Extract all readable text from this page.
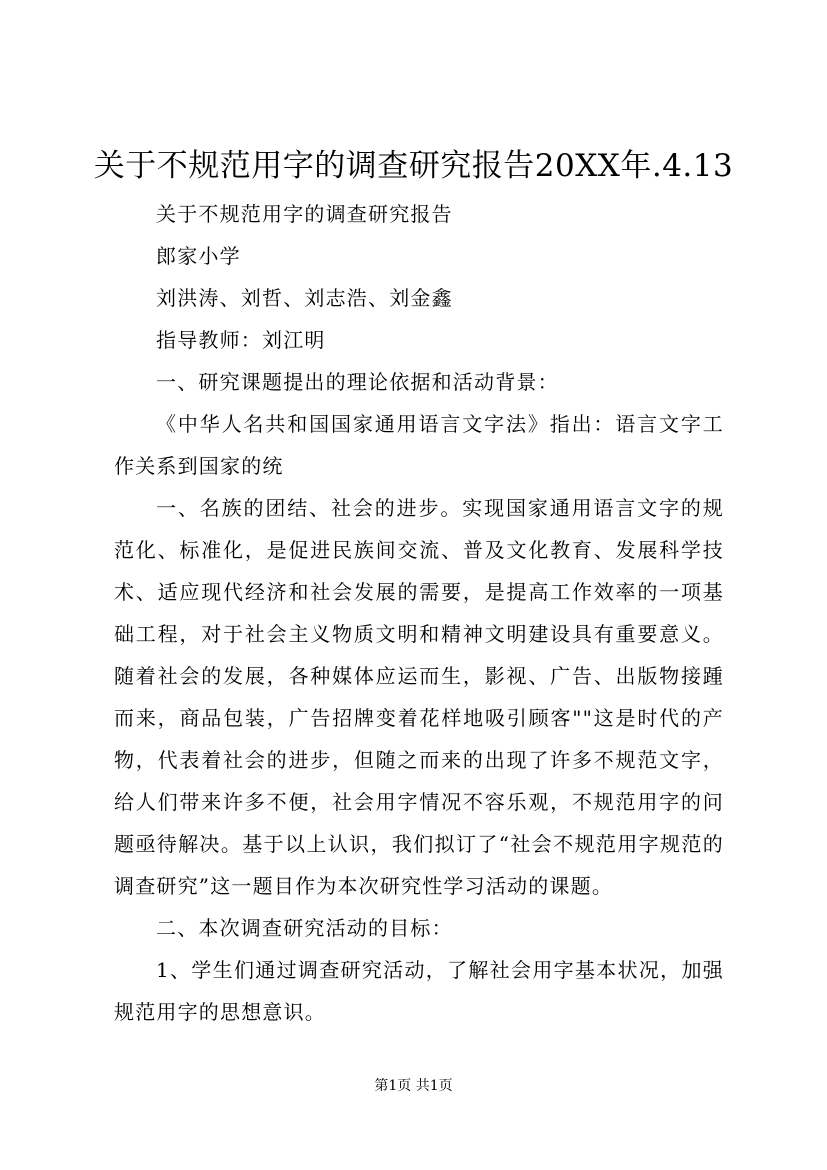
关于不规范用字的调查研究报告20XX年.4.13

关于不规范用字的调查研究报告

郎家小学

刘洪涛、刘哲、刘志浩、刘金鑫

指导教师：刘江明

一、研究课题提出的理论依据和活动背景：

《中华人名共和国国家通用语言文字法》指出：语言文字工作关系到国家的统

一、名族的团结、社会的进步。实现国家通用语言文字的规范化、标准化，是促进民族间交流、普及文化教育、发展科学技术、适应现代经济和社会发展的需要，是提高工作效率的一项基础工程，对于社会主义物质文明和精神文明建设具有重要意义。随着社会的发展，各种媒体应运而生，影视、广告、出版物接踵而来，商品包装，广告招牌变着花样地吸引顾客""这是时代的产物，代表着社会的进步，但随之而来的出现了许多不规范文字，给人们带来许多不便，社会用字情况不容乐观，不规范用字的问题亟待解决。基于以上认识，我们拟订了“社会不规范用字规范的调查研究”这一题目作为本次研究性学习活动的课题。

二、本次调查研究活动的目标：

1、学生们通过调查研究活动，了解社会用字基本状况，加强规范用字的思想意识。

第1页 共1页
